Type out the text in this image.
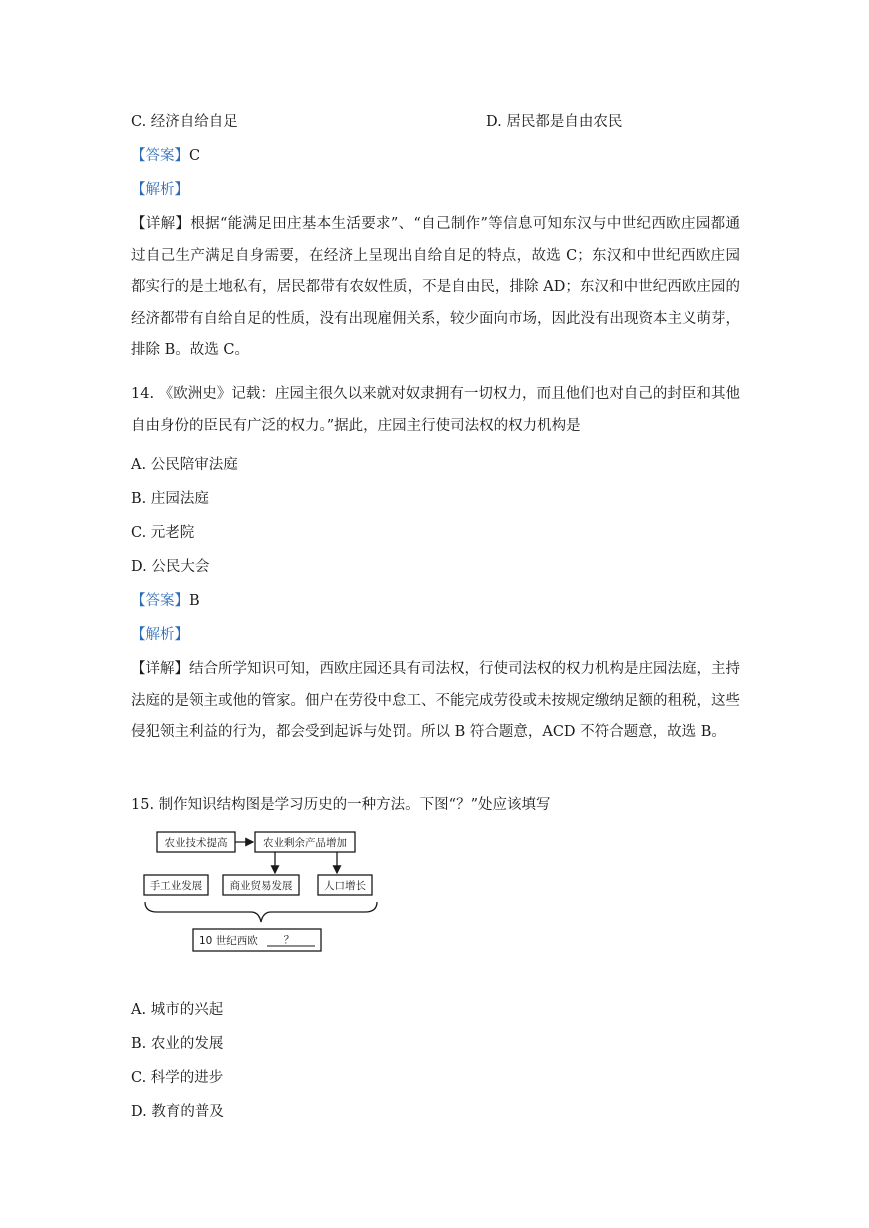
C. 经济自给自足	D. 居民都是自由农民
【答案】C
【解析】
【详解】根据“能满足田庄基本生活要求”、“自己制作”等信息可知东汉与中世纪西欧庄园都通过自己生产满足自身需要，在经济上呈现出自给自足的特点，故选 C；东汉和中世纪西欧庄园都实行的是土地私有，居民都带有农奴性质，不是自由民，排除 AD；东汉和中世纪西欧庄园的经济都带有自给自足的性质，没有出现雇佣关系，较少面向市场，因此没有出现资本主义萌芽，排除 B。故选 C。
14. 《欧洲史》记载：庄园主很久以来就对奴隶拥有一切权力，而且他们也对自己的封臣和其他自由身份的臣民有广泛的权力。”据此，庄园主行使司法权的权力机构是
A. 公民陪审法庭
B. 庄园法庭
C. 元老院
D. 公民大会
【答案】B
【解析】
【详解】结合所学知识可知，西欧庄园还具有司法权，行使司法权的权力机构是庄园法庭，主持法庭的是领主或他的管家。佃户在劳役中怠工、不能完成劳役或未按规定缴纳足额的租税，这些侵犯领主利益的行为，都会受到起诉与处罚。所以 B 符合题意，ACD 不符合题意，故选 B。
15. 制作知识结构图是学习历史的一种方法。下图“？”处应该填写
农业技术提高	农业剩余产品增加
手工业发展	商业贸易发展	人口增长
10 世纪西欧 ？
A. 城市的兴起
B. 农业的发展
C. 科学的进步
D. 教育的普及
